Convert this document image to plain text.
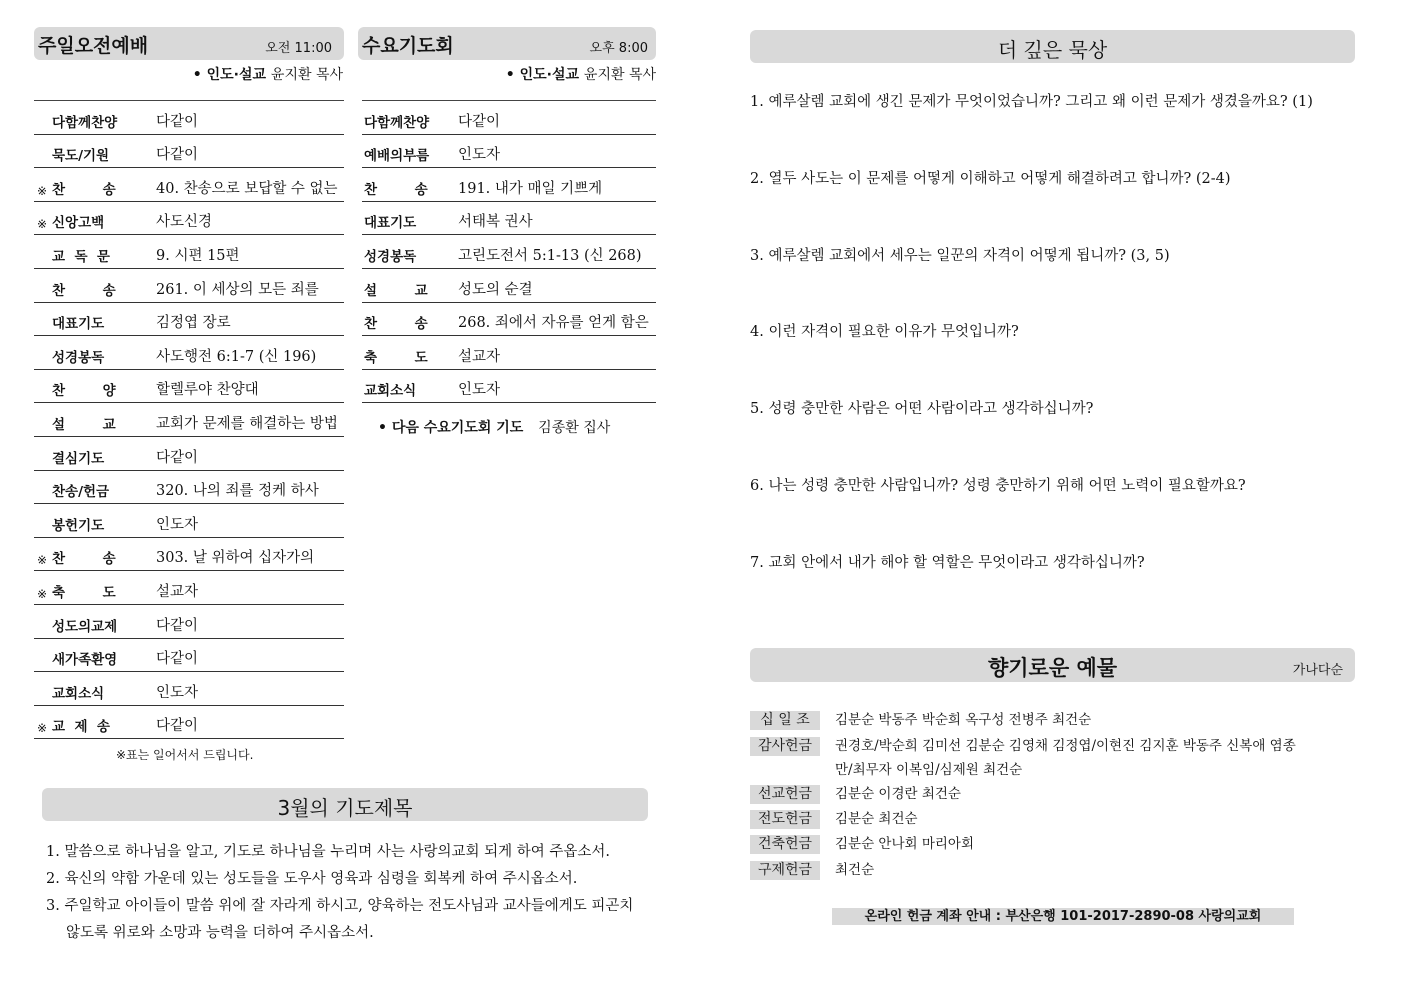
주일오전예배	오전 11:00
• 인도·설교 윤지환 목사
	다함께찬양	다같이
	묵도/기원	다같이
※	찬        송	40. 찬송으로 보답할 수 없는
※	신앙고백	사도신경
	교  독  문	9. 시편 15편
	찬        송	261. 이 세상의 모든 죄를
	대표기도	김정엽 장로
	성경봉독	사도행전 6:1-7 (신 196)
	찬        양	할렐루야 찬양대
	설        교	교회가 문제를 해결하는 방법
	결심기도	다같이
	찬송/헌금	320. 나의 죄를 정케 하사
	봉헌기도	인도자
※	찬        송	303. 날 위하여 십자가의
※	축        도	설교자
	성도의교제	다같이
	새가족환영	다같이
	교회소식	인도자
※	교  제  송	다같이
※표는 일어서서 드립니다.
수요기도회	오후 8:00
• 인도·설교 윤지환 목사
다함께찬양	다같이
예배의부름	인도자
찬        송	191. 내가 매일 기쁘게
대표기도	서태복 권사
성경봉독	고린도전서 5:1-13 (신 268)
설        교	성도의 순결
찬        송	268. 죄에서 자유를 얻게 함은
축        도	설교자
교회소식	인도자
• 다음 수요기도회 기도 김종환 집사
3월의 기도제목
1. 말씀으로 하나님을 알고, 기도로 하나님을 누리며 사는 사랑의교회 되게 하여 주옵소서.
2. 육신의 약함 가운데 있는 성도들을 도우사 영육과 심령을 회복케 하여 주시옵소서.
3. 주일학교 아이들이 말씀 위에 잘 자라게 하시고, 양육하는 전도사님과 교사들에게도 피곤치 않도록 위로와 소망과 능력을 더하여 주시옵소서.
더 깊은 묵상
1. 예루살렘 교회에 생긴 문제가 무엇이었습니까? 그리고 왜 이런 문제가 생겼을까요? (1)
2. 열두 사도는 이 문제를 어떻게 이해하고 어떻게 해결하려고 합니까? (2-4)
3. 예루살렘 교회에서 세우는 일꾼의 자격이 어떻게 됩니까? (3, 5)
4. 이런 자격이 필요한 이유가 무엇입니까?
5. 성령 충만한 사람은 어떤 사람이라고 생각하십니까?
6. 나는 성령 충만한 사람입니까? 성령 충만하기 위해 어떤 노력이 필요할까요?
7. 교회 안에서 내가 해야 할 역할은 무엇이라고 생각하십니까?
향기로운 예물	가나다순
십 일 조	김분순 박동주 박순희 옥구성 전병주 최건순
감사헌금	권경호/박순희 김미선 김분순 김영채 김정엽/이현진 김지훈 박동주 신복애 염종만/최무자 이복임/심제원 최건순
선교헌금	김분순 이경란 최건순
전도헌금	김분순 최건순
건축헌금	김분순 안나회 마리아회
구제헌금	최건순
온라인 헌금 계좌 안내 : 부산은행 101-2017-2890-08 사랑의교회
